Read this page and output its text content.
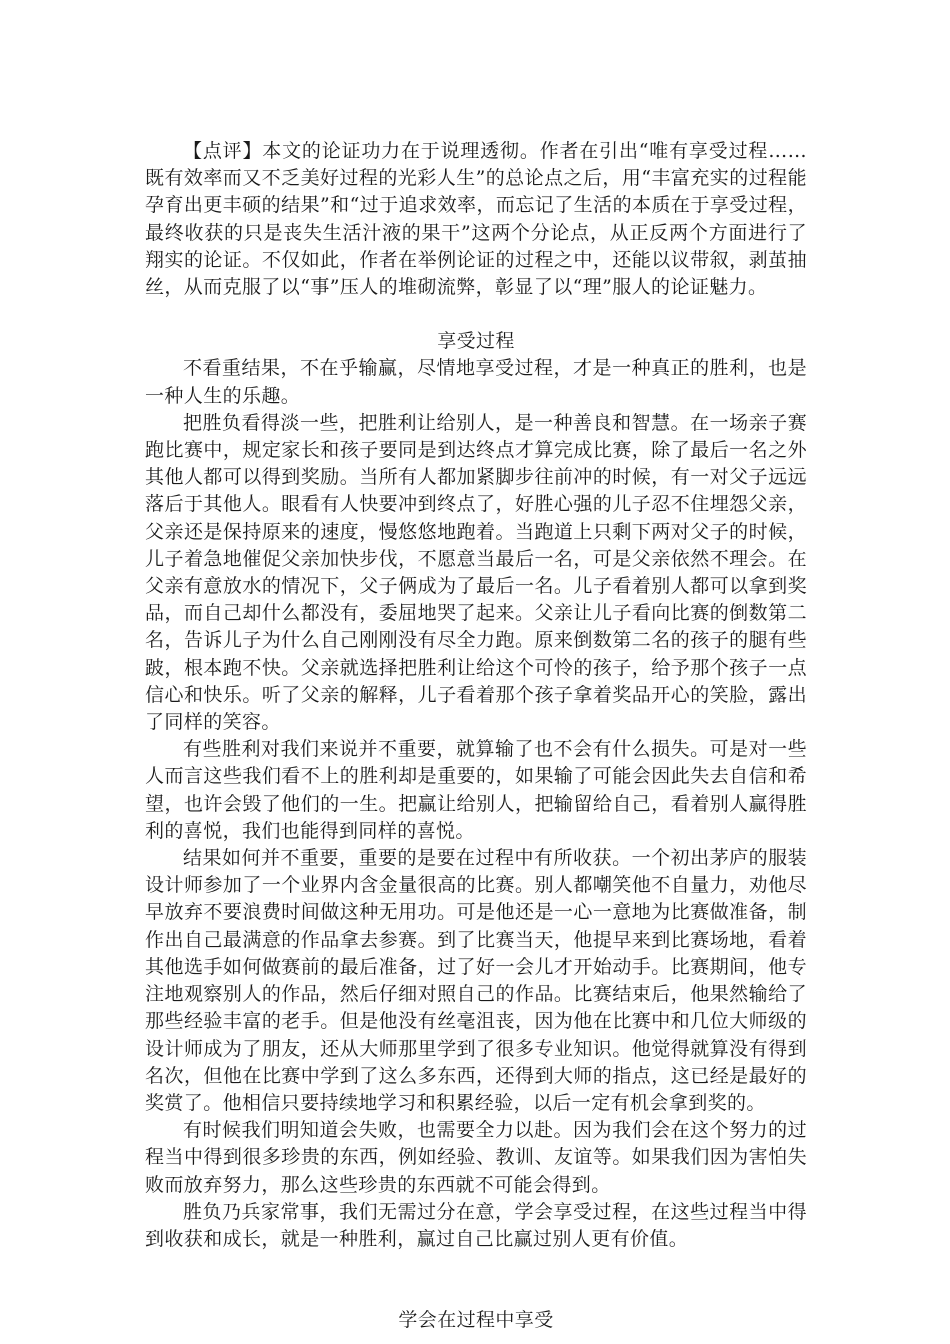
【点评】本文的论证功力在于说理透彻。作者在引出“唯有享受过程……既有效率而又不乏美好过程的光彩人生”的总论点之后，用“丰富充实的过程能孕育出更丰硕的结果”和“过于追求效率，而忘记了生活的本质在于享受过程，最终收获的只是丧失生活汁液的果干”这两个分论点，从正反两个方面进行了翔实的论证。不仅如此，作者在举例论证的过程之中，还能以议带叙，剥茧抽丝，从而克服了以“事”压人的堆砌流弊，彰显了以“理”服人的论证魅力。

享受过程

不看重结果，不在乎输赢，尽情地享受过程，才是一种真正的胜利，也是一种人生的乐趣。

把胜负看得淡一些，把胜利让给别人，是一种善良和智慧。在一场亲子赛跑比赛中，规定家长和孩子要同是到达终点才算完成比赛，除了最后一名之外其他人都可以得到奖励。当所有人都加紧脚步往前冲的时候，有一对父子远远落后于其他人。眼看有人快要冲到终点了，好胜心强的儿子忍不住埋怨父亲，父亲还是保持原来的速度，慢悠悠地跑着。当跑道上只剩下两对父子的时候，儿子着急地催促父亲加快步伐，不愿意当最后一名，可是父亲依然不理会。在父亲有意放水的情况下，父子俩成为了最后一名。儿子看着别人都可以拿到奖品，而自己却什么都没有，委屈地哭了起来。父亲让儿子看向比赛的倒数第二名，告诉儿子为什么自己刚刚没有尽全力跑。原来倒数第二名的孩子的腿有些跛，根本跑不快。父亲就选择把胜利让给这个可怜的孩子，给予那个孩子一点信心和快乐。听了父亲的解释，儿子看着那个孩子拿着奖品开心的笑脸，露出了同样的笑容。

有些胜利对我们来说并不重要，就算输了也不会有什么损失。可是对一些人而言这些我们看不上的胜利却是重要的，如果输了可能会因此失去自信和希望，也许会毁了他们的一生。把赢让给别人，把输留给自己，看着别人赢得胜利的喜悦，我们也能得到同样的喜悦。

结果如何并不重要，重要的是要在过程中有所收获。一个初出茅庐的服装设计师参加了一个业界内含金量很高的比赛。别人都嘲笑他不自量力，劝他尽早放弃不要浪费时间做这种无用功。可是他还是一心一意地为比赛做准备，制作出自己最满意的作品拿去参赛。到了比赛当天，他提早来到比赛场地，看着其他选手如何做赛前的最后准备，过了好一会儿才开始动手。比赛期间，他专注地观察别人的作品，然后仔细对照自己的作品。比赛结束后，他果然输给了那些经验丰富的老手。但是他没有丝毫沮丧，因为他在比赛中和几位大师级的设计师成为了朋友，还从大师那里学到了很多专业知识。他觉得就算没有得到名次，但他在比赛中学到了这么多东西，还得到大师的指点，这已经是最好的奖赏了。他相信只要持续地学习和积累经验，以后一定有机会拿到奖的。

有时候我们明知道会失败，也需要全力以赴。因为我们会在这个努力的过程当中得到很多珍贵的东西，例如经验、教训、友谊等。如果我们因为害怕失败而放弃努力，那么这些珍贵的东西就不可能会得到。

胜负乃兵家常事，我们无需过分在意，学会享受过程，在这些过程当中得到收获和成长，就是一种胜利，赢过自己比赢过别人更有价值。

学会在过程中享受
